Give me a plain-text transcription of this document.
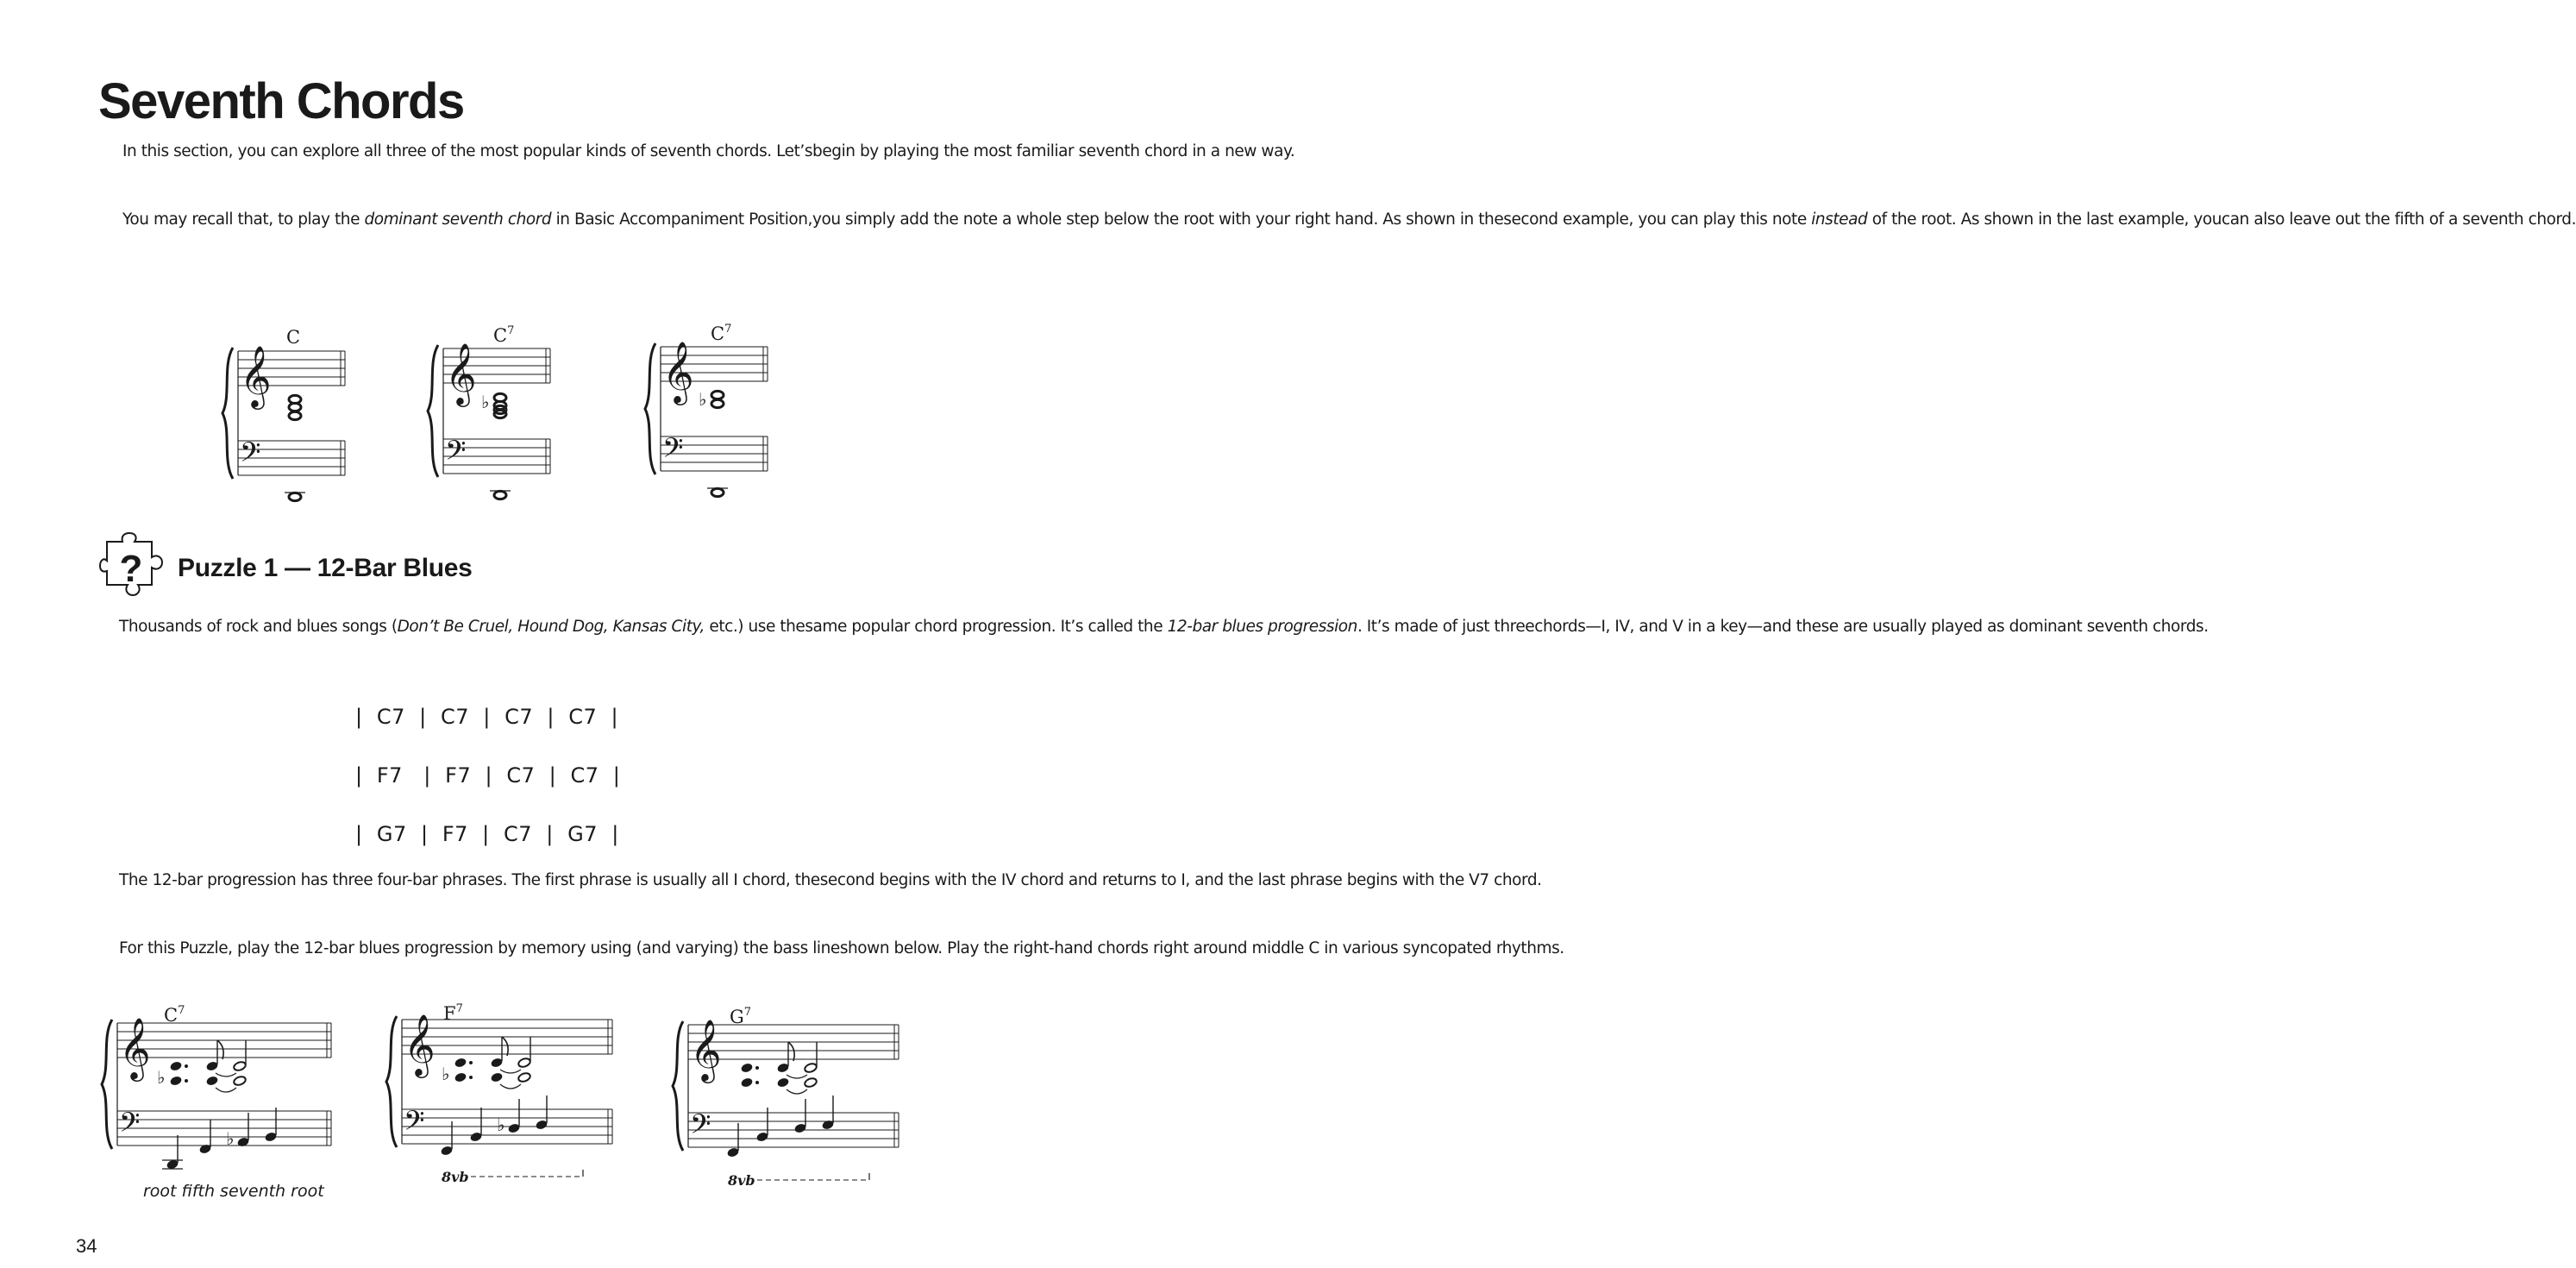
Seventh Chords
In this section, you can explore all three of the most popular kinds of seventh chords. Let’sbegin by playing the most familiar seventh chord in a new way.
You may recall that, to play the dominant seventh chord in Basic Accompaniment Position,you simply add the note a whole step below the root with your right hand. As shown in thesecond example, you can play this note instead of the root. As shown in the last example, youcan also leave out the fifth of a seventh chord.
C	$C^7$	$C^7$
? Puzzle 1 — 12-Bar Blues
Thousands of rock and blues songs (Don’t Be Cruel, Hound Dog, Kansas City, etc.) use thesame popular chord progression. It’s called the 12-bar blues progression. It’s made of just threechords—I, IV, and V in a key—and these are usually played as dominant seventh chords.
|  C7  |  C7  |  C7  |  C7  |
|  F7   |  F7  |  C7  |  C7  |
|  G7  |  F7  |  C7  |  G7  |
The 12-bar progression has three four-bar phrases. The first phrase is usually all I chord, thesecond begins with the IV chord and returns to I, and the last phrase begins with the V7 chord.
For this Puzzle, play the 12-bar blues progression by memory using (and varying) the bass lineshown below. Play the right-hand chords right around middle C in various syncopated rhythms.
$C^7$	$F^7$	$G^7$
root fifth seventh root
34
𝄞
𝄢
𝄞
𝄢
♭	𝄞
𝄢
♭
𝄞
𝄢
♭
♭
𝄞
𝄢
♭
♭
8vb
𝄞
𝄢
8vb
